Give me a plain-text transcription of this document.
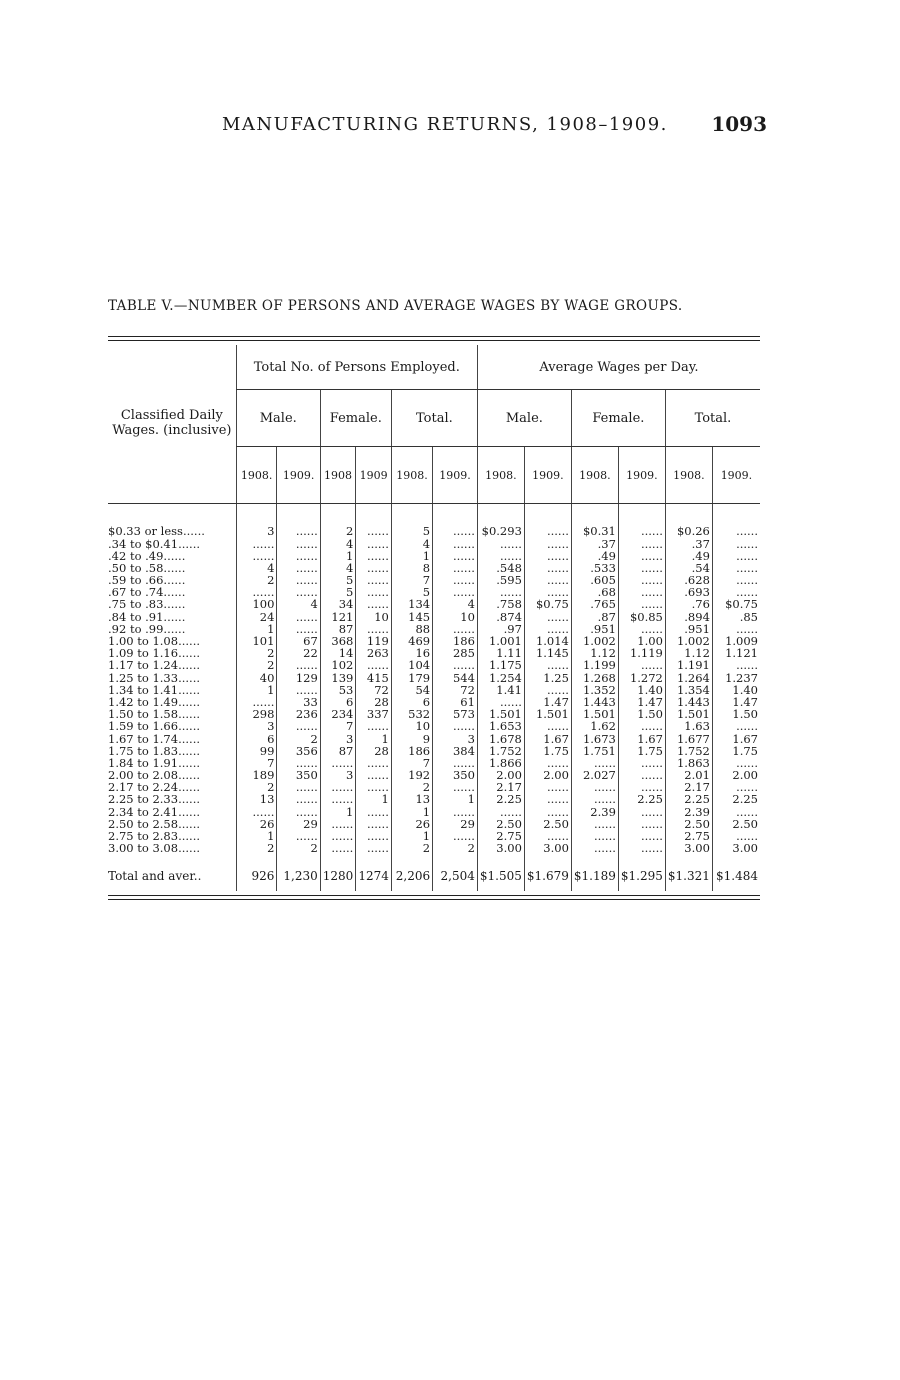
MANUFACTURING RETURNS, 1908–1909. 1093
TABLE V.—NUMBER OF PERSONS AND AVERAGE WAGES BY WAGE GROUPS.
Classified Daily Wages. (inclusive)	Total No. of Persons Employed.						Average Wages per Day.					
	Male.		Female.		Total.		Male.		Female.		Total.	
	1908.	1909.	1908	1909	1908.	1909.	1908.	1909.	1908.	1909.	1908.	1909.

$0.33 or less......	3	......	2	......	5	......	$0.293	......	$0.31	......	$0.26	......
.34 to $0.41......	......	......	4	......	4	......	......	......	.37	......	.37	......
.42 to .49......	......	......	1	......	1	......	......	......	.49	......	.49	......
.50 to .58......	4	......	4	......	8	......	.548	......	.533	......	.54	......
.59 to .66......	2	......	5	......	7	......	.595	......	.605	......	.628	......
.67 to .74......	......	......	5	......	5	......	......	......	.68	......	.693	......
.75 to .83......	100	4	34	......	134	4	.758	$0.75	.765	......	.76	$0.75
.84 to .91......	24	......	121	10	145	10	.874	......	.87	$0.85	.894	.85
.92 to .99......	1	......	87	......	88	......	.97	......	.951	......	.951	......
1.00 to 1.08......	101	67	368	119	469	186	1.001	1.014	1.002	1.00	1.002	1.009
1.09 to 1.16......	2	22	14	263	16	285	1.11	1.145	1.12	1.119	1.12	1.121
1.17 to 1.24......	2	......	102	......	104	......	1.175	......	1.199	......	1.191	......
1.25 to 1.33......	40	129	139	415	179	544	1.254	1.25	1.268	1.272	1.264	1.237
1.34 to 1.41......	1	......	53	72	54	72	1.41	......	1.352	1.40	1.354	1.40
1.42 to 1.49......	......	33	6	28	6	61	......	1.47	1.443	1.47	1.443	1.47
1.50 to 1.58......	298	236	234	337	532	573	1.501	1.501	1.501	1.50	1.501	1.50
1.59 to 1.66......	3	......	7	......	10	......	1.653	......	1.62	......	1.63	......
1.67 to 1.74......	6	2	3	1	9	3	1.678	1.67	1.673	1.67	1.677	1.67
1.75 to 1.83......	99	356	87	28	186	384	1.752	1.75	1.751	1.75	1.752	1.75
1.84 to 1.91......	7	......	......	......	7	......	1.866	......	......	......	1.863	......
2.00 to 2.08......	189	350	3	......	192	350	2.00	2.00	2.027	......	2.01	2.00
2.17 to 2.24......	2	......	......	......	2	......	2.17	......	......	......	2.17	......
2.25 to 2.33......	13	......	......	1	13	1	2.25	......	......	2.25	2.25	2.25
2.34 to 2.41......	......	......	1	......	1	......	......	......	2.39	......	2.39	......
2.50 to 2.58......	26	29	......	......	26	29	2.50	2.50	......	......	2.50	2.50
2.75 to 2.83......	1	......	......	......	1	......	2.75	......	......	......	2.75	......
3.00 to 3.08......	2	2	......	......	2	2	3.00	3.00	......	......	3.00	3.00
Total and aver..	926	1,230	1280	1274	2,206	2,504	$1.505	$1.679	$1.189	$1.295	$1.321	$1.484
